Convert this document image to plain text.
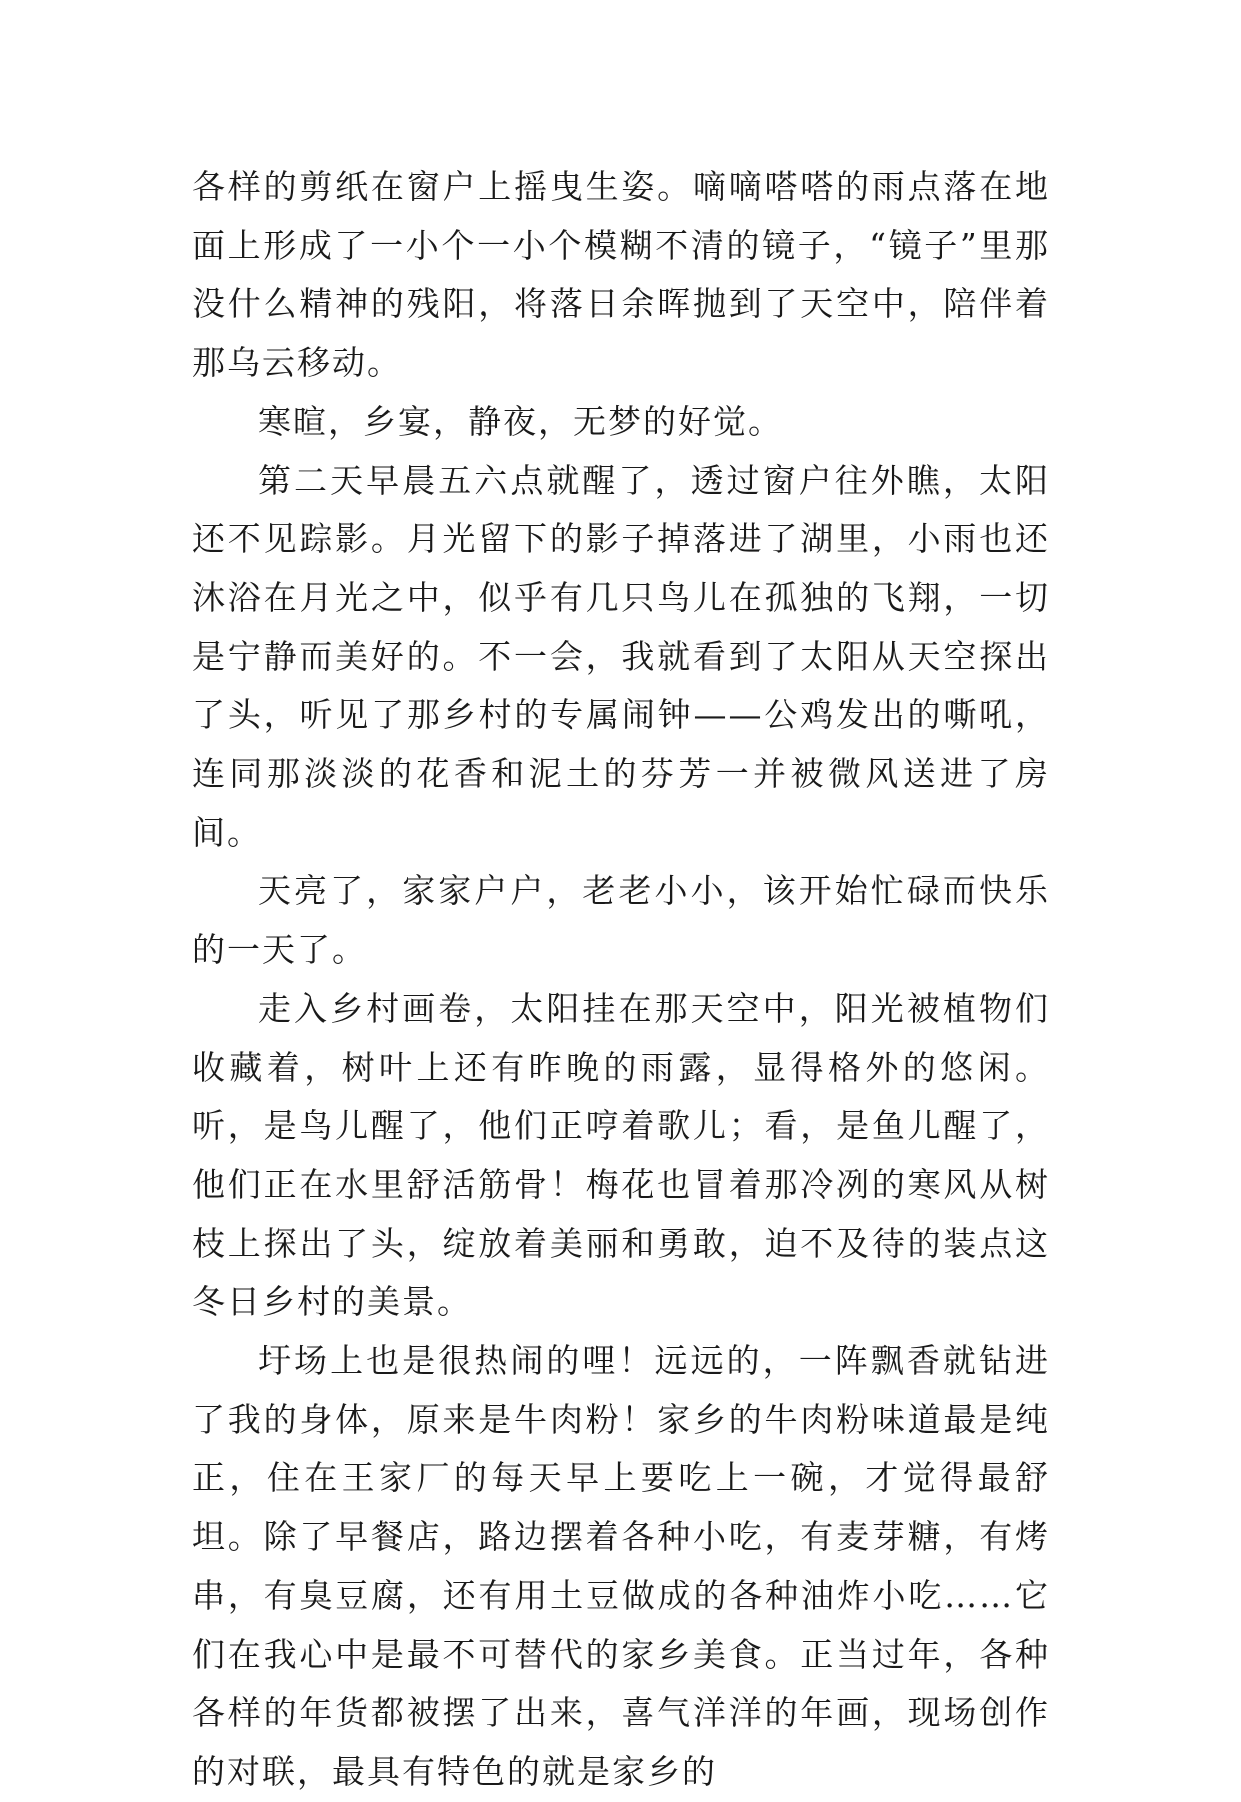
各样的剪纸在窗户上摇曳生姿。嘀嘀嗒嗒的雨点落在地面上形成了一小个一小个模糊不清的镜子，“镜子”里那没什么精神的残阳，将落日余晖抛到了天空中，陪伴着那乌云移动。

寒暄，乡宴，静夜，无梦的好觉。

第二天早晨五六点就醒了，透过窗户往外瞧，太阳还不见踪影。月光留下的影子掉落进了湖里，小雨也还沐浴在月光之中，似乎有几只鸟儿在孤独的飞翔，一切是宁静而美好的。不一会，我就看到了太阳从天空探出了头，听见了那乡村的专属闹钟——公鸡发出的嘶吼，连同那淡淡的花香和泥土的芬芳一并被微风送进了房间。

天亮了，家家户户，老老小小，该开始忙碌而快乐的一天了。

走入乡村画卷，太阳挂在那天空中，阳光被植物们收藏着，树叶上还有昨晚的雨露，显得格外的悠闲。听，是鸟儿醒了，他们正哼着歌儿；看，是鱼儿醒了，他们正在水里舒活筋骨！梅花也冒着那冷冽的寒风从树枝上探出了头，绽放着美丽和勇敢，迫不及待的装点这冬日乡村的美景。

圩场上也是很热闹的哩！远远的，一阵飘香就钻进了我的身体，原来是牛肉粉！家乡的牛肉粉味道最是纯正，住在王家厂的每天早上要吃上一碗，才觉得最舒坦。除了早餐店，路边摆着各种小吃，有麦芽糖，有烤串，有臭豆腐，还有用土豆做成的各种油炸小吃……它们在我心中是最不可替代的家乡美食。正当过年，各种各样的年货都被摆了出来，喜气洋洋的年画，现场创作的对联，最具有特色的就是家乡的
